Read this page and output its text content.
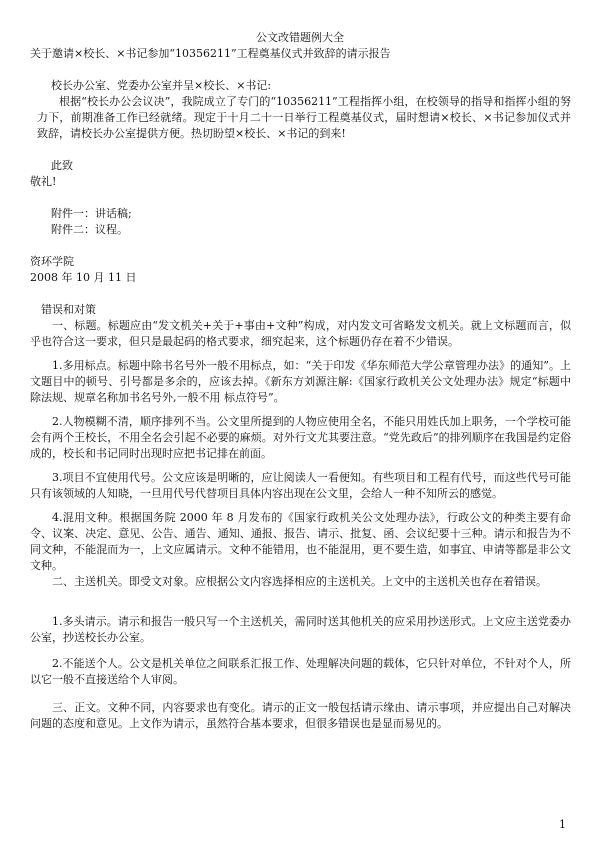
公文改错题例大全
关于邀请×校长、×书记参加“10356211”工程奠基仪式并致辞的请示报告
校长办公室、党委办公室并呈×校长、×书记:
根据“校长办公会议决”，我院成立了专门的“10356211”工程指挥小组，在校领导的指导和指挥小组的努力下，前期准备工作已经就绪。现定于十月二十一日举行工程奠基仪式，届时想请×校长、×书记参加仪式并致辞，请校长办公室提供方便。热切盼望×校长、×书记的到来!
此致
敬礼!
附件一：讲话稿;
附件二：议程。
资环学院
2008 年 10 月 11 日
错误和对策
一、标题。标题应由“发文机关+关于+事由+文种”构成，对内发文可省略发文机关。就上文标题而言，似乎也符合这一要求，但只是最起码的格式要求，细究起来，这个标题仍存在着不少错误。
1.多用标点。标题中除书名号外一般不用标点，如：“关于印发《华东师范大学公章管理办法》的通知”。上文题目中的顿号、引号都是多余的，应该去掉。《新东方刘源注解:《国家行政机关公文处理办法》规定“标题中除法规、规章名称加书名号外,一般不用 标点符号”。
2.人物模糊不清，顺序排列不当。公文里所提到的人物应使用全名，不能只用姓氏加上职务，一个学校可能会有两个王校长，不用全名会引起不必要的麻烦。对外行文尤其要注意。“党先政后”的排列顺序在我国是约定俗成的，校长和书记同时出现时应把书记排在前面。
3.项目不宜使用代号。公文应该是明晰的，应让阅读人一看便知。有些项目和工程有代号，而这些代号可能只有该领域的人知晓，一旦用代号代替项目具体内容出现在公文里，会给人一种不知所云的感觉。
4.混用文种。根据国务院 2000 年 8 月发布的《国家行政机关公文处理办法》，行政公文的种类主要有命令、议案、决定、意见、公告、通告、通知、通报、报告、请示、批复、函、会议纪要十三种。请示和报告为不同文种，不能混而为一，上文应属请示。文种不能错用，也不能混用，更不要生造，如事宜、申请等都是非公文文种。
二、主送机关。即受文对象。应根据公文内容选择相应的主送机关。上文中的主送机关也存在着错误。
1.多头请示。请示和报告一般只写一个主送机关，需同时送其他机关的应采用抄送形式。上文应主送党委办公室，抄送校长办公室。
2.不能送个人。公文是机关单位之间联系汇报工作、处理解决问题的载体，它只针对单位，不针对个人，所以它一般不直接送给个人审阅。
三、正文。文种不同，内容要求也有变化。请示的正文一般包括请示缘由、请示事项，并应提出自己对解决问题的态度和意见。上文作为请示，虽然符合基本要求，但很多错误也是显而易见的。
1
